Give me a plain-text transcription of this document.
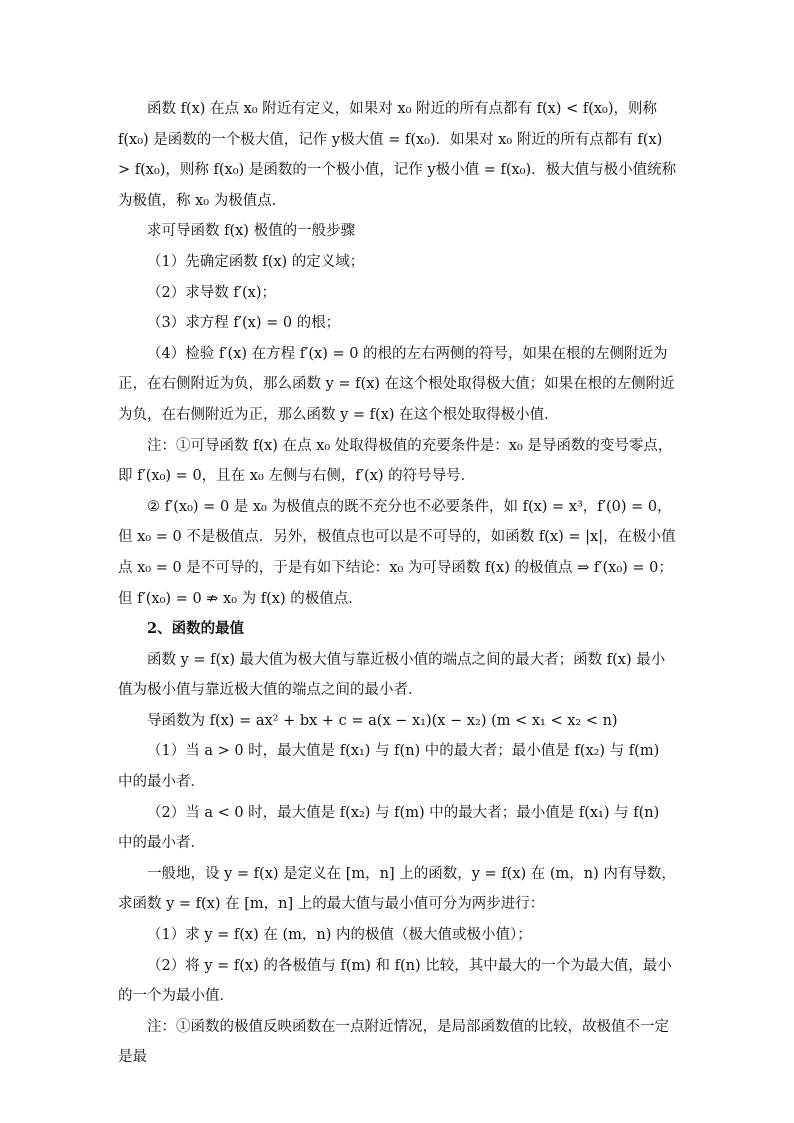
函数 f(x) 在点 x₀ 附近有定义，如果对 x₀ 附近的所有点都有 f(x) < f(x₀)，则称 f(x₀) 是函数的一个极大值，记作 y极大值 = f(x₀)．如果对 x₀ 附近的所有点都有 f(x) > f(x₀)，则称 f(x₀) 是函数的一个极小值，记作 y极小值 = f(x₀)．极大值与极小值统称为极值，称 x₀ 为极值点．

求可导函数 f(x) 极值的一般步骤

（1）先确定函数 f(x) 的定义域；

（2）求导数 f′(x)；

（3）求方程 f′(x) = 0 的根；

（4）检验 f′(x) 在方程 f′(x) = 0 的根的左右两侧的符号，如果在根的左侧附近为正，在右侧附近为负，那么函数 y = f(x) 在这个根处取得极大值；如果在根的左侧附近为负，在右侧附近为正，那么函数 y = f(x) 在这个根处取得极小值．

注：①可导函数 f(x) 在点 x₀ 处取得极值的充要条件是：x₀ 是导函数的变号零点，即 f′(x₀) = 0，且在 x₀ 左侧与右侧，f′(x) 的符号导号．

② f′(x₀) = 0 是 x₀ 为极值点的既不充分也不必要条件，如 f(x) = x³，f′(0) = 0，但 x₀ = 0 不是极值点．另外，极值点也可以是不可导的，如函数 f(x) = |x|，在极小值点 x₀ = 0 是不可导的，于是有如下结论：x₀ 为可导函数 f(x) 的极值点 ⇒ f′(x₀) = 0；但 f′(x₀) = 0 ⇏ x₀ 为 f(x) 的极值点．

2、函数的最值

函数 y = f(x) 最大值为极大值与靠近极小值的端点之间的最大者；函数 f(x) 最小值为极小值与靠近极大值的端点之间的最小者．

导函数为 f(x) = ax² + bx + c = a(x − x₁)(x − x₂) (m < x₁ < x₂ < n)

（1）当 a > 0 时，最大值是 f(x₁) 与 f(n) 中的最大者；最小值是 f(x₂) 与 f(m) 中的最小者．

（2）当 a < 0 时，最大值是 f(x₂) 与 f(m) 中的最大者；最小值是 f(x₁) 与 f(n) 中的最小者．

一般地，设 y = f(x) 是定义在 [m，n] 上的函数，y = f(x) 在 (m，n) 内有导数，求函数 y = f(x) 在 [m，n] 上的最大值与最小值可分为两步进行：

（1）求 y = f(x) 在 (m，n) 内的极值（极大值或极小值）；

（2）将 y = f(x) 的各极值与 f(m) 和 f(n) 比较，其中最大的一个为最大值，最小的一个为最小值．

注：①函数的极值反映函数在一点附近情况，是局部函数值的比较，故极值不一定是最
